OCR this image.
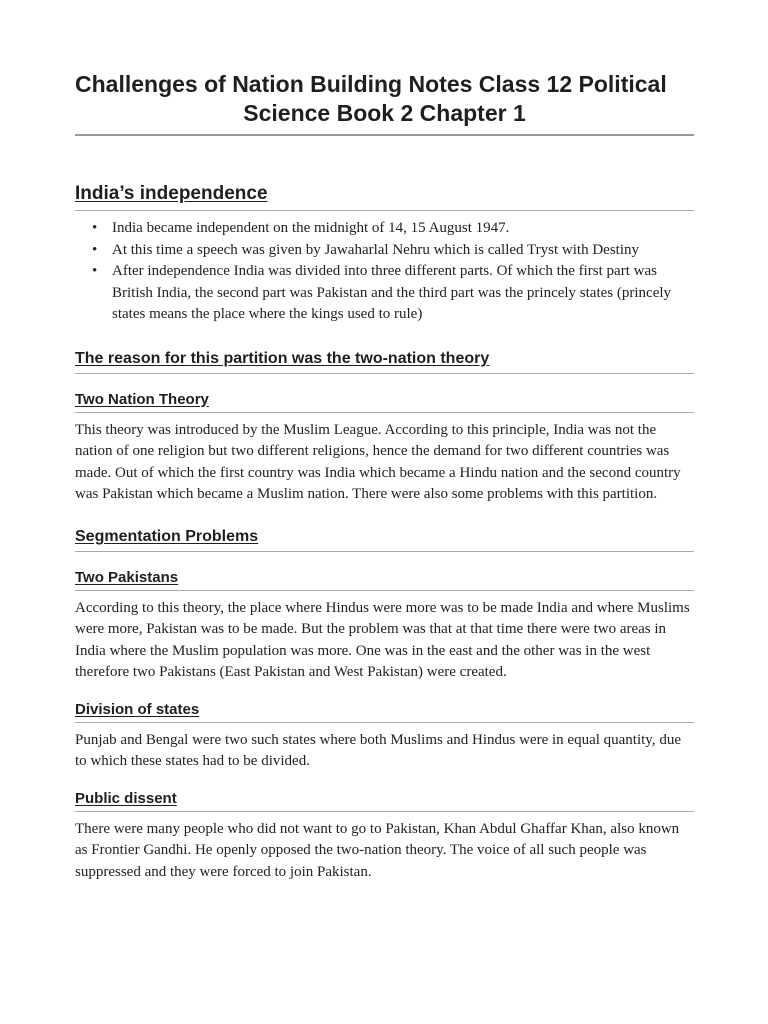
Challenges of Nation Building Notes Class 12 Political
Science Book 2 Chapter 1
India’s independence
• India became independent on the midnight of 14, 15 August 1947.
• At this time a speech was given by Jawaharlal Nehru which is called Tryst with Destiny
• After independence India was divided into three different parts. Of which the first part was British India, the second part was Pakistan and the third part was the princely states (princely states means the place where the kings used to rule)
The reason for this partition was the two-nation theory
Two Nation Theory

This theory was introduced by the Muslim League. According to this principle, India was not the nation of one religion but two different religions, hence the demand for two different countries was made. Out of which the first country was India which became a Hindu nation and the second country was Pakistan which became a Muslim nation. There were also some problems with this partition.

Segmentation Problems
Two Pakistans

According to this theory, the place where Hindus were more was to be made India and where Muslims were more, Pakistan was to be made. But the problem was that at that time there were two areas in India where the Muslim population was more. One was in the east and the other was in the west therefore two Pakistans (East Pakistan and West Pakistan) were created.

Division of states

Punjab and Bengal were two such states where both Muslims and Hindus were in equal quantity, due to which these states had to be divided.

Public dissent

There were many people who did not want to go to Pakistan, Khan Abdul Ghaffar Khan, also known as Frontier Gandhi. He openly opposed the two-nation theory. The voice of all such people was suppressed and they were forced to join Pakistan.
